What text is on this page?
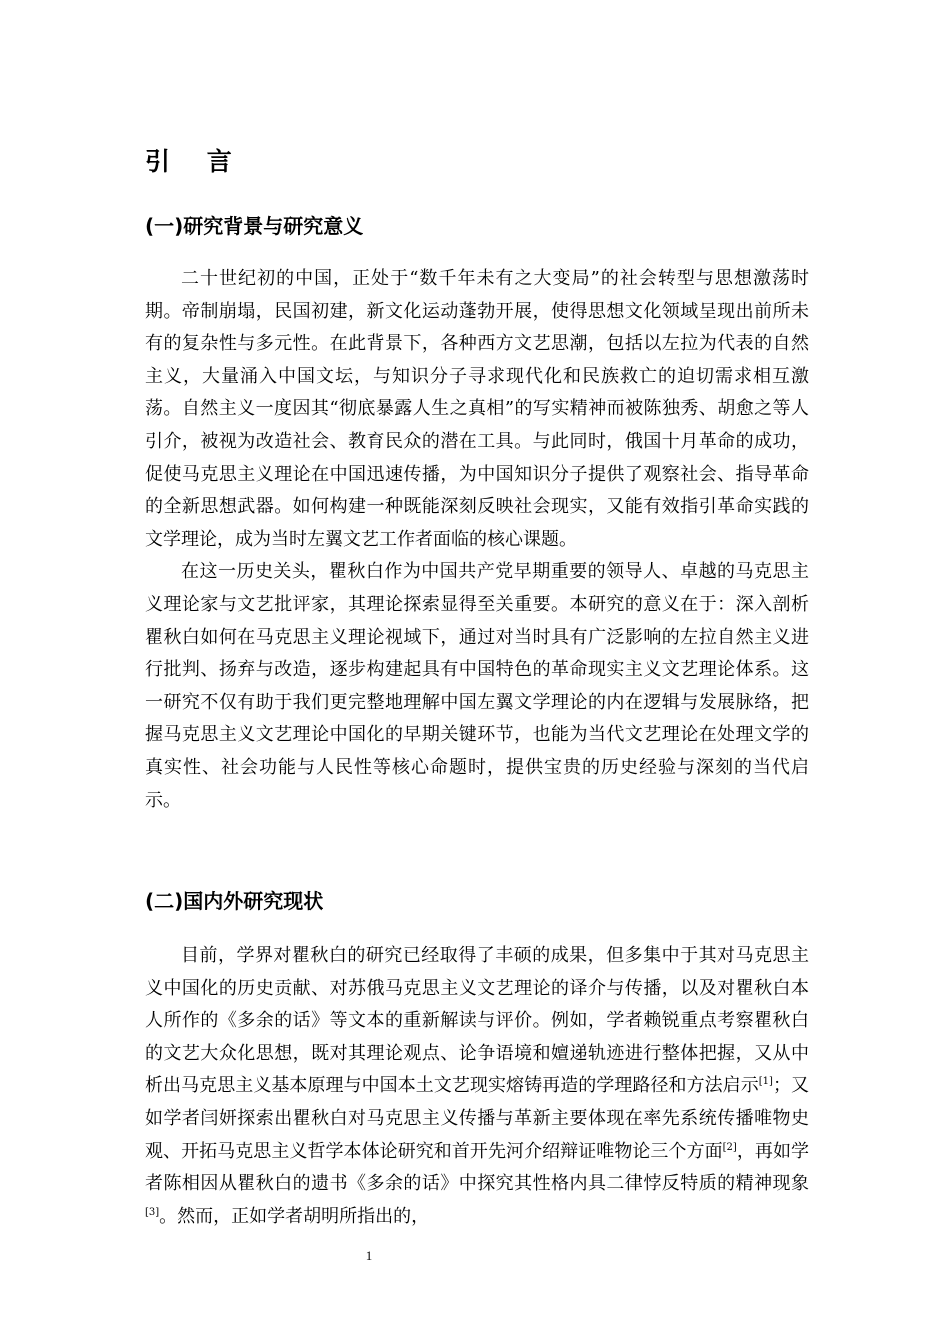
引 言
(一)研究背景与研究意义

二十世纪初的中国，正处于“数千年未有之大变局”的社会转型与思想激荡时期。帝制崩塌，民国初建，新文化运动蓬勃开展，使得思想文化领域呈现出前所未有的复杂性与多元性。在此背景下，各种西方文艺思潮，包括以左拉为代表的自然主义，大量涌入中国文坛，与知识分子寻求现代化和民族救亡的迫切需求相互激荡。自然主义一度因其“彻底暴露人生之真相”的写实精神而被陈独秀、胡愈之等人引介，被视为改造社会、教育民众的潜在工具。与此同时，俄国十月革命的成功，促使马克思主义理论在中国迅速传播，为中国知识分子提供了观察社会、指导革命的全新思想武器。如何构建一种既能深刻反映社会现实，又能有效指引革命实践的文学理论，成为当时左翼文艺工作者面临的核心课题。

在这一历史关头，瞿秋白作为中国共产党早期重要的领导人、卓越的马克思主义理论家与文艺批评家，其理论探索显得至关重要。本研究的意义在于：深入剖析瞿秋白如何在马克思主义理论视域下，通过对当时具有广泛影响的左拉自然主义进行批判、扬弃与改造，逐步构建起具有中国特色的革命现实主义文艺理论体系。这一研究不仅有助于我们更完整地理解中国左翼文学理论的内在逻辑与发展脉络，把握马克思主义文艺理论中国化的早期关键环节，也能为当代文艺理论在处理文学的真实性、社会功能与人民性等核心命题时，提供宝贵的历史经验与深刻的当代启示。

(二)国内外研究现状

目前，学界对瞿秋白的研究已经取得了丰硕的成果，但多集中于其对马克思主义中国化的历史贡献、对苏俄马克思主义文艺理论的译介与传播，以及对瞿秋白本人所作的《多余的话》等文本的重新解读与评价。例如，学者赖锐重点考察瞿秋白的文艺大众化思想，既对其理论观点、论争语境和嬗递轨迹进行整体把握，又从中析出马克思主义基本原理与中国本土文艺现实熔铸再造的学理路径和方法启示[1]；又如学者闫妍探索出瞿秋白对马克思主义传播与革新主要体现在率先系统传播唯物史观、开拓马克思主义哲学本体论研究和首开先河介绍辩证唯物论三个方面[2]，再如学者陈相因从瞿秋白的遗书《多余的话》中探究其性格内具二律悖反特质的精神现象[3]。然而，正如学者胡明所指出的，

1
